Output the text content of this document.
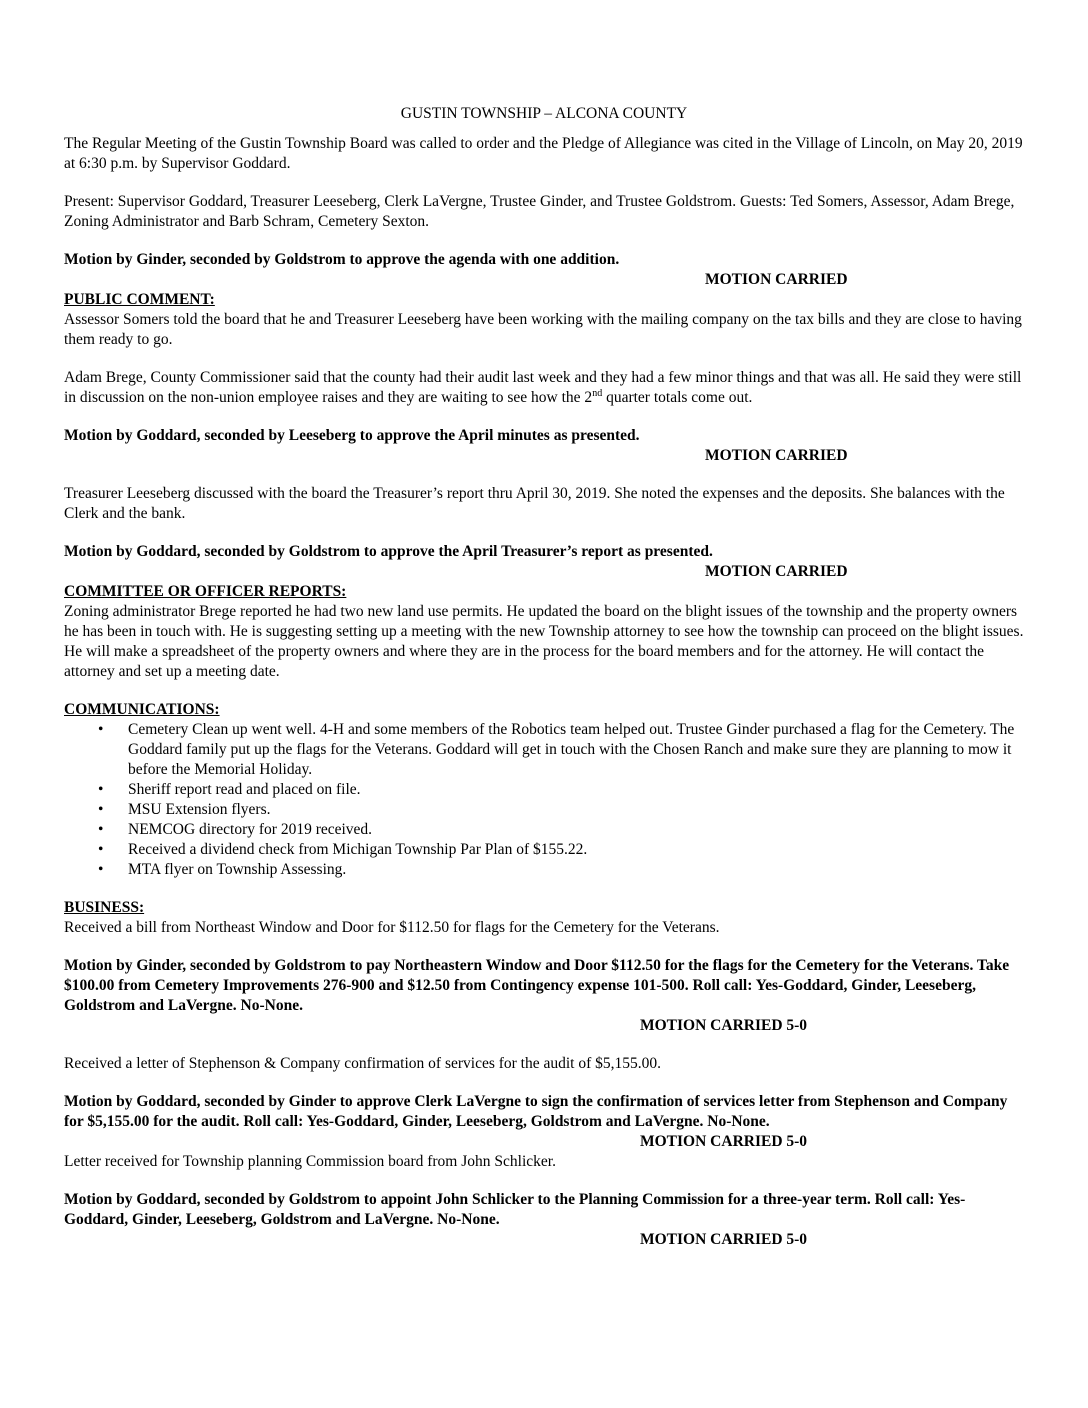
GUSTIN TOWNSHIP – ALCONA COUNTY

The Regular Meeting of the Gustin Township Board was called to order and the Pledge of Allegiance was cited in the Village of Lincoln, on May 20, 2019 at 6:30 p.m. by Supervisor Goddard.

Present: Supervisor Goddard, Treasurer Leeseberg, Clerk LaVergne, Trustee Ginder, and Trustee Goldstrom. Guests: Ted Somers, Assessor, Adam Brege, Zoning Administrator and Barb Schram, Cemetery Sexton.

Motion by Ginder, seconded by Goldstrom to approve the agenda with one addition.

MOTION CARRIED

PUBLIC COMMENT:

Assessor Somers told the board that he and Treasurer Leeseberg have been working with the mailing company on the tax bills and they are close to having them ready to go.

Adam Brege, County Commissioner said that the county had their audit last week and they had a few minor things and that was all. He said they were still in discussion on the non-union employee raises and they are waiting to see how the 2nd quarter totals come out.

Motion by Goddard, seconded by Leeseberg to approve the April minutes as presented.

MOTION CARRIED

Treasurer Leeseberg discussed with the board the Treasurer’s report thru April 30, 2019. She noted the expenses and the deposits. She balances with the Clerk and the bank.

Motion by Goddard, seconded by Goldstrom to approve the April Treasurer’s report as presented.

MOTION CARRIED

COMMITTEE OR OFFICER REPORTS:

Zoning administrator Brege reported he had two new land use permits. He updated the board on the blight issues of the township and the property owners he has been in touch with. He is suggesting setting up a meeting with the new Township attorney to see how the township can proceed on the blight issues. He will make a spreadsheet of the property owners and where they are in the process for the board members and for the attorney. He will contact the attorney and set up a meeting date.

COMMUNICATIONS:

• Cemetery Clean up went well. 4-H and some members of the Robotics team helped out. Trustee Ginder purchased a flag for the Cemetery. The Goddard family put up the flags for the Veterans. Goddard will get in touch with the Chosen Ranch and make sure they are planning to mow it before the Memorial Holiday.
• Sheriff report read and placed on file.
• MSU Extension flyers.
• NEMCOG directory for 2019 received.
• Received a dividend check from Michigan Township Par Plan of $155.22.
• MTA flyer on Township Assessing.

BUSINESS:

Received a bill from Northeast Window and Door for $112.50 for flags for the Cemetery for the Veterans.

Motion by Ginder, seconded by Goldstrom to pay Northeastern Window and Door $112.50 for the flags for the Cemetery for the Veterans. Take $100.00 from Cemetery Improvements 276-900 and $12.50 from Contingency expense 101-500. Roll call: Yes-Goddard, Ginder, Leeseberg, Goldstrom and LaVergne. No-None.

MOTION CARRIED 5-0

Received a letter of Stephenson & Company confirmation of services for the audit of $5,155.00.

Motion by Goddard, seconded by Ginder to approve Clerk LaVergne to sign the confirmation of services letter from Stephenson and Company for $5,155.00 for the audit. Roll call: Yes-Goddard, Ginder, Leeseberg, Goldstrom and LaVergne. No-None.

MOTION CARRIED 5-0

Letter received for Township planning Commission board from John Schlicker.

Motion by Goddard, seconded by Goldstrom to appoint John Schlicker to the Planning Commission for a three-year term. Roll call: Yes-Goddard, Ginder, Leeseberg, Goldstrom and LaVergne. No-None.

MOTION CARRIED 5-0
